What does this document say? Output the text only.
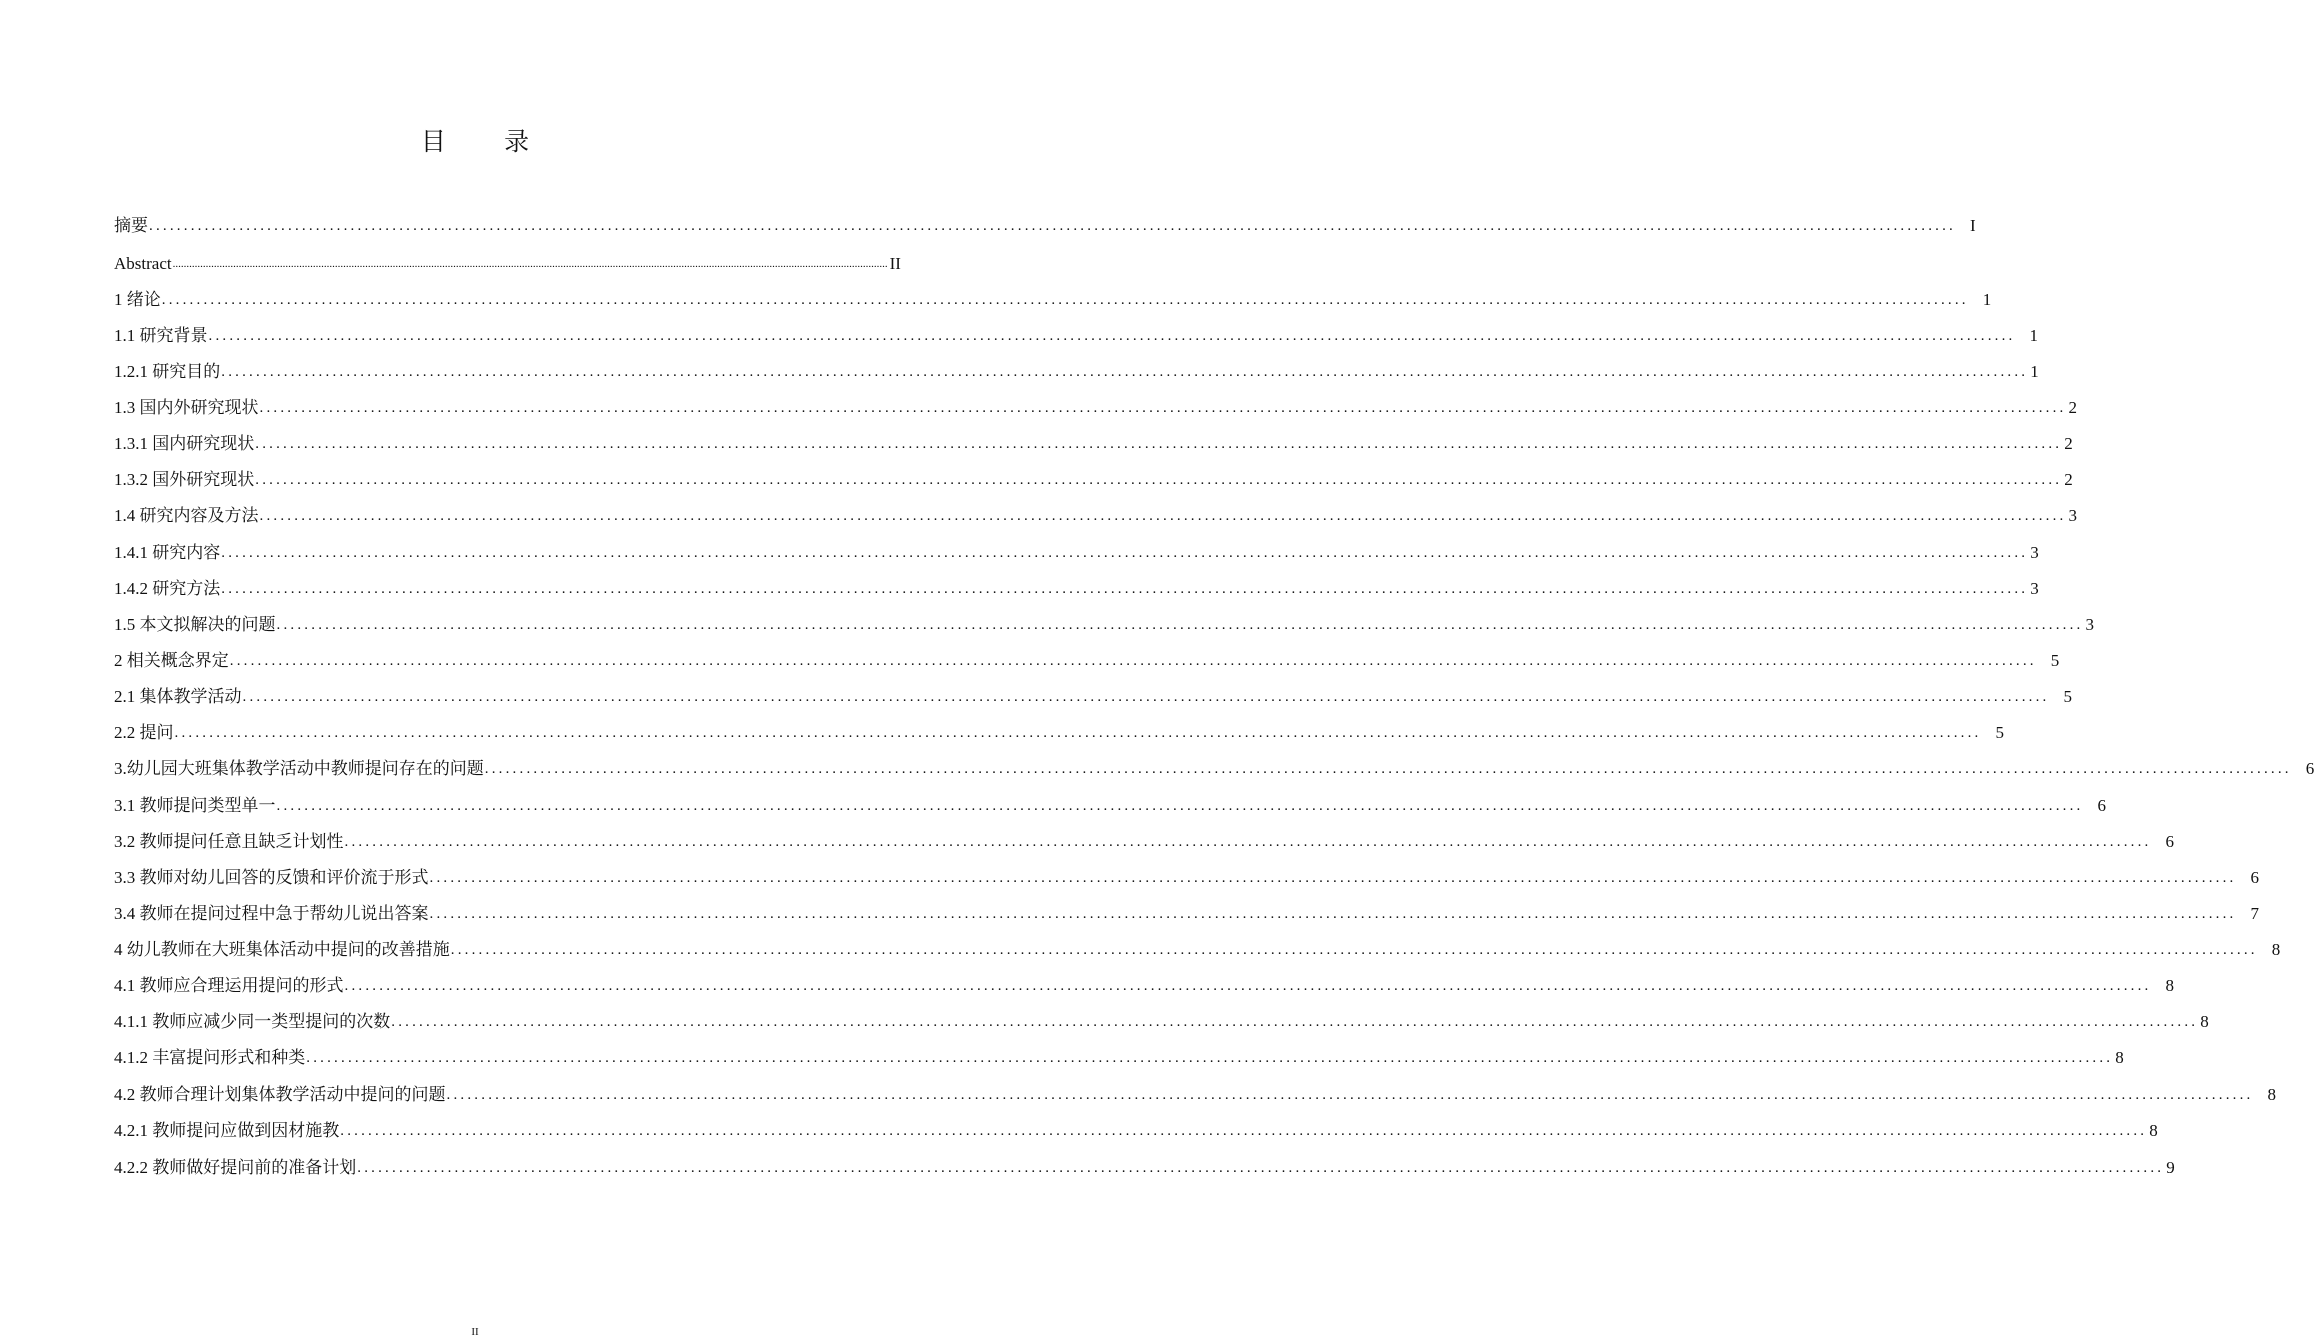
目 录
摘要 .................................................................................................................................................................................................................................................................... I
Abstract .................................................................................................................................................................................................................................................................... II
1 绪论 .................................................................................................................................................................................................................................................................... 1
1.1 研究背景 .................................................................................................................................................................................................................................................................... 1
1.2.1 研究目的 .................................................................................................................................................................................................................................................................... 1
1.3 国内外研究现状 .................................................................................................................................................................................................................................................................... 2
1.3.1 国内研究现状 .................................................................................................................................................................................................................................................................... 2
1.3.2 国外研究现状 .................................................................................................................................................................................................................................................................... 2
1.4 研究内容及方法 .................................................................................................................................................................................................................................................................... 3
1.4.1 研究内容 .................................................................................................................................................................................................................................................................... 3
1.4.2 研究方法 .................................................................................................................................................................................................................................................................... 3
1.5 本文拟解决的问题 .................................................................................................................................................................................................................................................................... 3
2 相关概念界定 .................................................................................................................................................................................................................................................................... 5
2.1 集体教学活动 .................................................................................................................................................................................................................................................................... 5
2.2 提问 .................................................................................................................................................................................................................................................................... 5
3.幼儿园大班集体教学活动中教师提问存在的问题 .................................................................................................................................................................................................................................................................... 6
3.1 教师提问类型单一 .................................................................................................................................................................................................................................................................... 6
3.2 教师提问任意且缺乏计划性 .................................................................................................................................................................................................................................................................... 6
3.3 教师对幼儿回答的反馈和评价流于形式 .................................................................................................................................................................................................................................................................... 6
3.4 教师在提问过程中急于帮幼儿说出答案 .................................................................................................................................................................................................................................................................... 7
4 幼儿教师在大班集体活动中提问的改善措施 .................................................................................................................................................................................................................................................................... 8
4.1 教师应合理运用提问的形式 .................................................................................................................................................................................................................................................................... 8
4.1.1 教师应减少同一类型提问的次数 .................................................................................................................................................................................................................................................................... 8
4.1.2 丰富提问形式和种类 .................................................................................................................................................................................................................................................................... 8
4.2 教师合理计划集体教学活动中提问的问题 .................................................................................................................................................................................................................................................................... 8
4.2.1 教师提问应做到因材施教 .................................................................................................................................................................................................................................................................... 8
4.2.2 教师做好提问前的准备计划 .................................................................................................................................................................................................................................................................... 9
II
